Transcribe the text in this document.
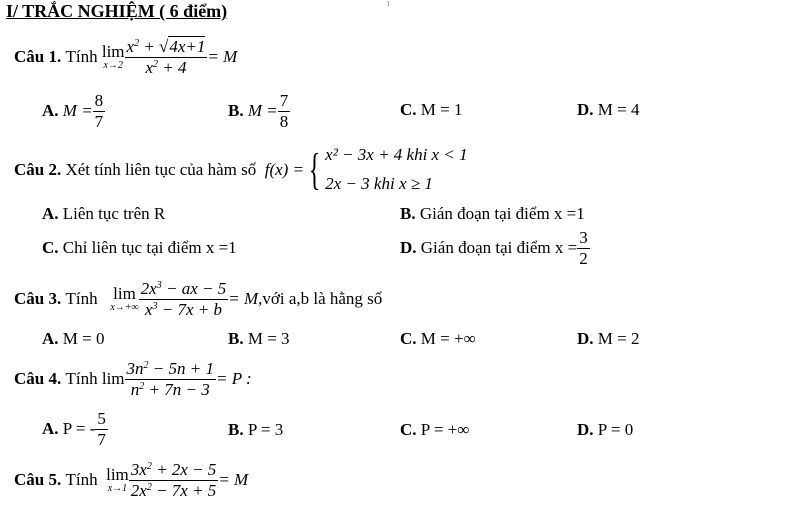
ı
I/ TRẮC NGHIỆM ( 6 điểm)
Câu 1.
Tính
lim
$x\to 2 \frac{x^2 + √4x+1}{x^2 + 4} = M$
A.
$M = \frac{8}{7}$	B.
$M = \frac{7}{8}$	C. M = 1	D. M = 4
Câu 2.
Xét tính liên tục của hàm số
f(x) = { x² − 3x + 4 khi x < 1
2x − 3 khi x ≥ 1
A. Liên tục trên R	B. Gián đoạn tại điểm x =1
C. Chỉ liên tục tại điểm x =1	D.
Gián đoạn tại điểm $x = \frac{3}{2}$
Câu 3.
Tính
lim
$x\to+\infty \frac{2x^3 - ax - 5}{x^3 - 7x + b} = M$ ,với a,b là hằng số
A. M = 0	B. M = 3	C. M = +∞	D. M = 2
Câu 4.
Tính
$\lim \frac{3n^2 - 5n + 1}{n^2 + 7n - 3} = P$ :
A.
P = - $\frac{5}{7}$	B. P = 3	C. P = +∞	D. P = 0
Câu 5.
Tính
lim
$x\to 1 \frac{3x^2 + 2x - 5}{2x^2 - 7x + 5} = M$
